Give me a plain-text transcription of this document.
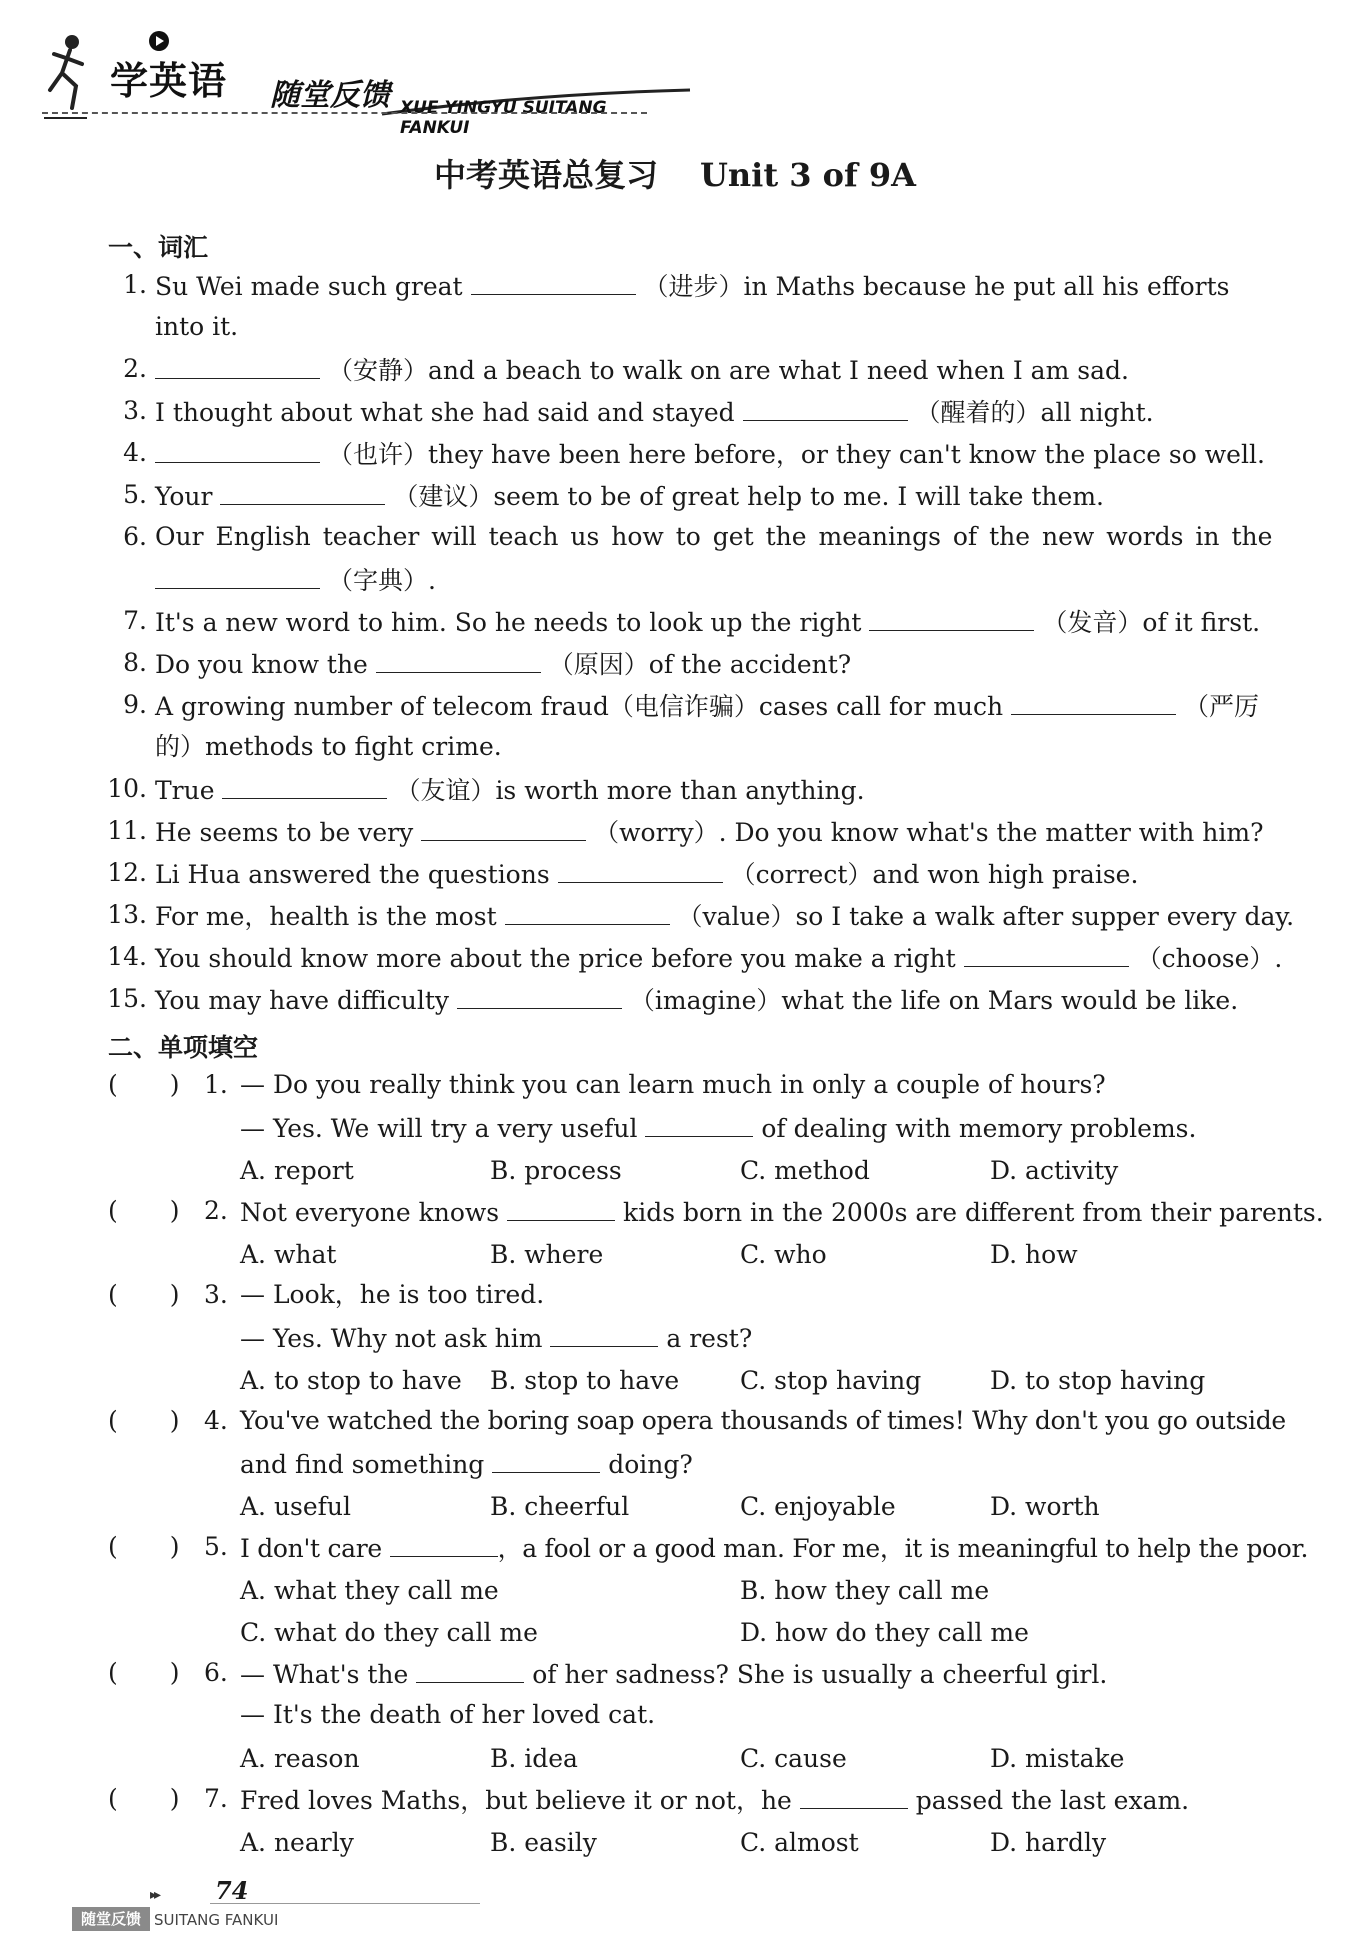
学英语 随堂反馈 XUE YINGYU SUITANG FANKUI
中考英语总复习 Unit 3 of 9A
一、词汇
1. Su Wei made such great	（进步）in Maths because he put all his efforts
into it.
2.	（安静）and a beach to walk on are what I need when I am sad.
3. I thought about what she had said and stayed	（醒着的）all night.
4.	（也许）they have been here before，or they can't know the place so well.
5. Your	（建议）seem to be of great help to me. I will take them.
6. Our English teacher will teach us how to get the meanings of the new words in the
（字典）.
7. It's a new word to him. So he needs to look up the right	（发音）of it first.
8. Do you know the	（原因）of the accident?
9. A growing number of telecom fraud（电信诈骗）cases call for much	（严厉
的）methods to fight crime.
10. True	（友谊）is worth more than anything.
11. He seems to be very	（worry）. Do you know what's the matter with him?
12. Li Hua answered the questions	（correct）and won high praise.
13. For me，health is the most	（value）so I take a walk after supper every day.
14. You should know more about the price before you make a right	（choose）.
15. You may have difficulty	（imagine）what the life on Mars would be like.
二、单项填空
( ) 1. — Do you really think you can learn much in only a couple of hours?
— Yes. We will try a very useful	of dealing with memory problems.
A. report	B. process	C. method	D. activity
( ) 2. Not everyone knows	kids born in the 2000s are different from their parents.
A. what	B. where	C. who	D. how
( ) 3. — Look，he is too tired.
— Yes. Why not ask him	a rest?
A. to stop to have B. stop to have C. stop having	D. to stop having
( ) 4. You've watched the boring soap opera thousands of times! Why don't you go outside
and find something	doing?
A. useful	B. cheerful	C. enjoyable	D. worth
( ) 5. I don't care	，a fool or a good man. For me，it is meaningful to help the poor.
A. what they call me	B. how they call me
C. what do they call me	D. how do they call me
( ) 6. — What's the	of her sadness? She is usually a cheerful girl.
— It's the death of her loved cat.
A. reason	B. idea	C. cause	D. mistake
( ) 7. Fred loves Maths，but believe it or not，he	passed the last exam.
A. nearly	B. easily	C. almost	D. hardly
▸▸ 74
随堂反馈 SUITANG FANKUI
